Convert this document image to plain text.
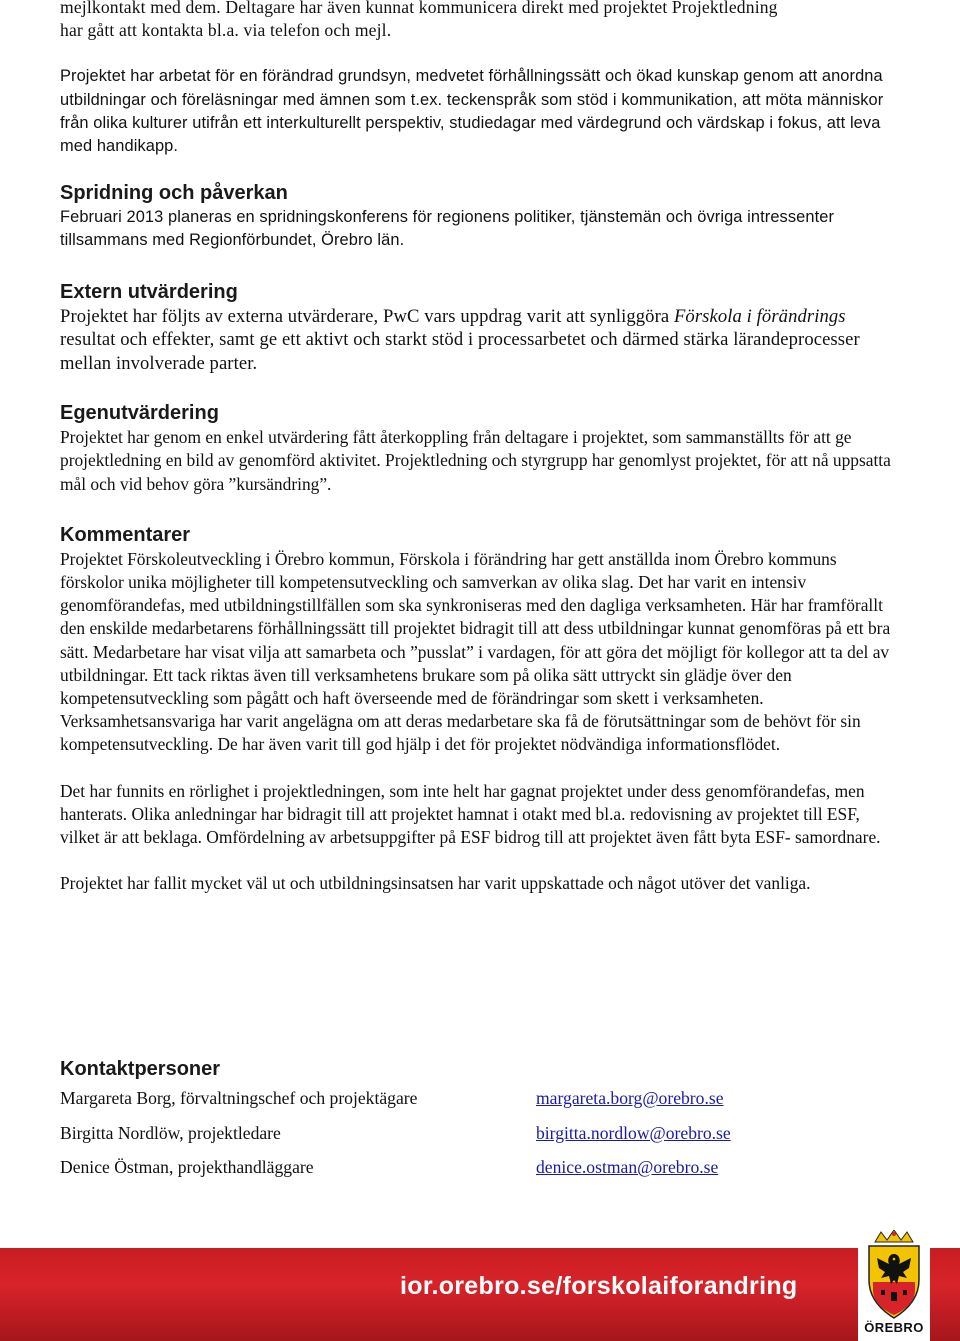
mejlkontakt med dem. Deltagare har även kunnat kommunicera direkt med projektet Projektledning

har gått att kontakta bl.a. via telefon och mejl.

Projektet har arbetat för en förändrad grundsyn, medvetet förhållningssätt och ökad kunskap genom att anordna utbildningar och föreläsningar med ämnen som t.ex. teckenspråk som stöd i kommunikation, att möta människor från olika kulturer utifrån ett interkulturellt perspektiv, studiedagar med värdegrund och värdskap i fokus, att leva med handikapp.

Spridning och påverkan

Februari 2013 planeras en spridningskonferens för regionens politiker, tjänstemän och övriga intressenter tillsammans med Regionförbundet, Örebro län.

Extern utvärdering

Projektet har följts av externa utvärderare, PwC vars uppdrag varit att synliggöra Förskola i förändrings resultat och effekter, samt ge ett aktivt och starkt stöd i processarbetet och därmed stärka lärandeprocesser mellan involverade parter.

Egenutvärdering

Projektet har genom en enkel utvärdering fått återkoppling från deltagare i projektet, som sammanställts för att ge projektledning en bild av genomförd aktivitet. Projektledning och styrgrupp har genomlyst projektet, för att nå uppsatta mål och vid behov göra ”kursändring”.

Kommentarer

Projektet Förskoleutveckling i Örebro kommun, Förskola i förändring har gett anställda inom Örebro kommuns förskolor unika möjligheter till kompetensutveckling och samverkan av olika slag. Det har varit en intensiv genomförandefas, med utbildningstillfällen som ska synkroniseras med den dagliga verksamheten. Här har framförallt den enskilde medarbetarens förhållningssätt till projektet bidragit till att dess utbildningar kunnat genomföras på ett bra sätt. Medarbetare har visat vilja att samarbeta och ”pusslat” i vardagen, för att göra det möjligt för kollegor att ta del av utbildningar. Ett tack riktas även till verksamhetens brukare som på olika sätt uttryckt sin glädje över den kompetensutveckling som pågått och haft överseende med de förändringar som skett i verksamheten. Verksamhetsansvariga har varit angelägna om att deras medarbetare ska få de förutsättningar som de behövt för sin kompetensutveckling. De har även varit till god hjälp i det för projektet nödvändiga informationsflödet.

Det har funnits en rörlighet i projektledningen, som inte helt har gagnat projektet under dess genomförandefas, men hanterats. Olika anledningar har bidragit till att projektet hamnat i otakt med bl.a. redovisning av projektet till ESF, vilket är att beklaga. Omfördelning av arbetsuppgifter på ESF bidrog till att projektet även fått byta ESF- samordnare.

Projektet har fallit mycket väl ut och utbildningsinsatsen har varit uppskattade och något utöver det vanliga.

Kontaktpersoner
Margareta Borg, förvaltningschef och projektägare	margareta.borg@orebro.se
Birgitta Nordlöw, projektledare	birgitta.nordlow@orebro.se
Denice Östman, projekthandläggare	denice.ostman@orebro.se
ior.orebro.se/forskolaiforandring
ÖREBRO
